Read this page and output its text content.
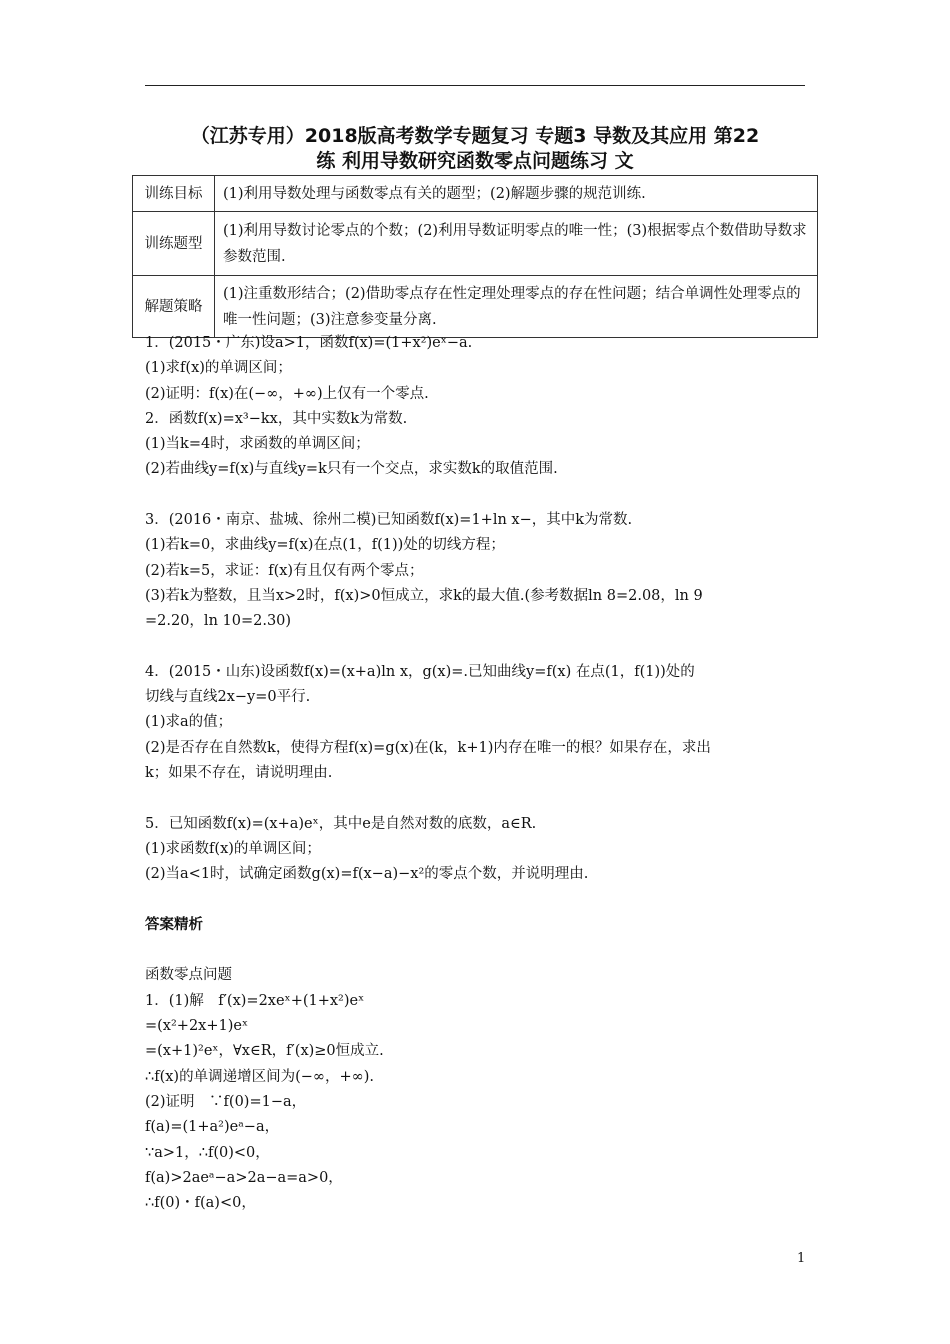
（江苏专用）2018版高考数学专题复习 专题3 导数及其应用 第22
练 利用导数研究函数零点问题练习 文
训练目标	(1)利用导数处理与函数零点有关的题型；(2)解题步骤的规范训练.
训练题型	(1)利用导数讨论零点的个数；(2)利用导数证明零点的唯一性；(3)根据零点个数借助导数求参数范围.
解题策略	(1)注重数形结合；(2)借助零点存在性定理处理零点的存在性问题；结合单调性处理零点的唯一性问题；(3)注意参变量分离.
1．(2015・广东)设a>1，函数f(x)=(1+x²)eˣ−a.
(1)求f(x)的单调区间；
(2)证明：f(x)在(−∞，+∞)上仅有一个零点.
2．函数f(x)=x³−kx，其中实数k为常数.
(1)当k=4时，求函数的单调区间；
(2)若曲线y=f(x)与直线y=k只有一个交点，求实数k的取值范围.
3．(2016・南京、盐城、徐州二模)已知函数f(x)=1+ln x−，其中k为常数.
(1)若k=0，求曲线y=f(x)在点(1，f(1))处的切线方程；
(2)若k=5，求证：f(x)有且仅有两个零点；
(3)若k为整数，且当x>2时，f(x)>0恒成立，求k的最大值.(参考数据ln 8=2.08，ln 9
=2.20，ln 10=2.30)
4．(2015・山东)设函数f(x)=(x+a)ln x，g(x)=.已知曲线y=f(x) 在点(1，f(1))处的
切线与直线2x−y=0平行.
(1)求a的值；
(2)是否存在自然数k，使得方程f(x)=g(x)在(k，k+1)内存在唯一的根？如果存在，求出
k；如果不存在，请说明理由.
5．已知函数f(x)=(x+a)eˣ，其中e是自然对数的底数，a∈R.
(1)求函数f(x)的单调区间；
(2)当a<1时，试确定函数g(x)=f(x−a)−x²的零点个数，并说明理由.
答案精析
函数零点问题
1．(1)解　f′(x)=2xeˣ+(1+x²)eˣ
=(x²+2x+1)eˣ
=(x+1)²eˣ，∀x∈R，f′(x)≥0恒成立.
∴f(x)的单调递增区间为(−∞，+∞).
(2)证明　∵f(0)=1−a，
f(a)=(1+a²)eᵃ−a，
∵a>1，∴f(0)<0，
f(a)>2aeᵃ−a>2a−a=a>0，
∴f(0)・f(a)<0，
1
